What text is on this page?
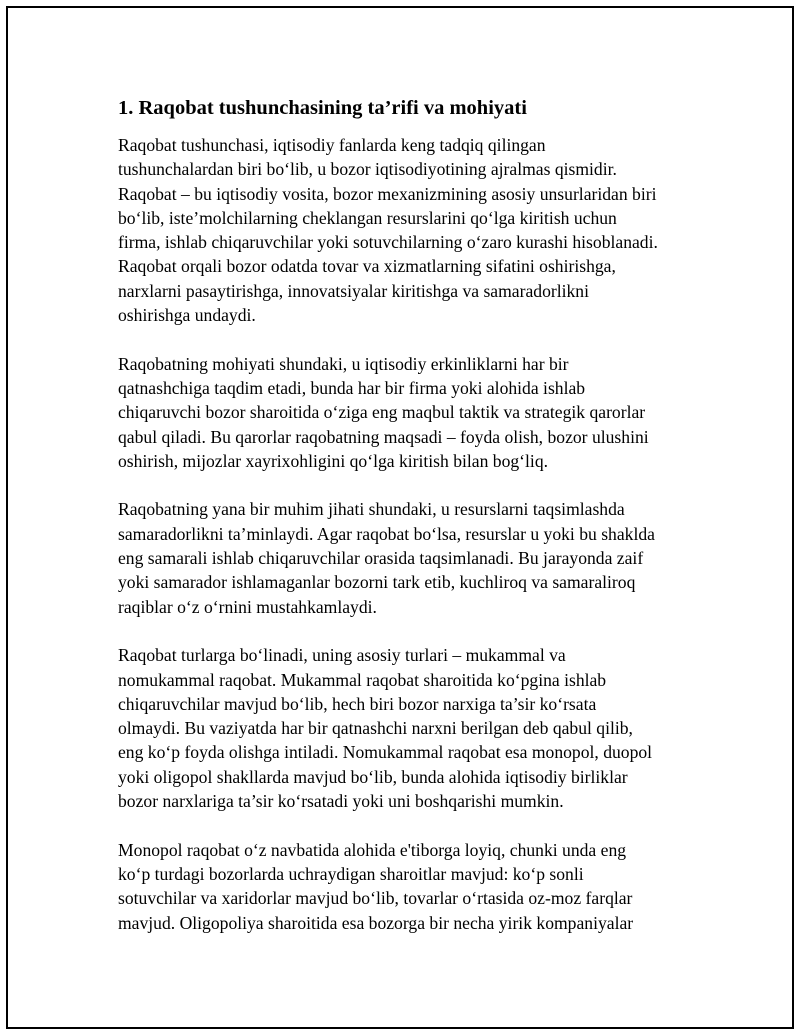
1. Raqobat tushunchasining ta’rifi va mohiyati

Raqobat tushunchasi, iqtisodiy fanlarda keng tadqiq qilingan
tushunchalardan biri bo‘lib, u bozor iqtisodiyotining ajralmas qismidir.
Raqobat – bu iqtisodiy vosita, bozor mexanizmining asosiy unsurlaridan biri
bo‘lib, iste’molchilarning cheklangan resurslarini qo‘lga kiritish uchun
firma, ishlab chiqaruvchilar yoki sotuvchilarning o‘zaro kurashi hisoblanadi.
Raqobat orqali bozor odatda tovar va xizmatlarning sifatini oshirishga,
narxlarni pasaytirishga, innovatsiyalar kiritishga va samaradorlikni
oshirishga undaydi.

Raqobatning mohiyati shundaki, u iqtisodiy erkinliklarni har bir
qatnashchiga taqdim etadi, bunda har bir firma yoki alohida ishlab
chiqaruvchi bozor sharoitida o‘ziga eng maqbul taktik va strategik qarorlar
qabul qiladi. Bu qarorlar raqobatning maqsadi – foyda olish, bozor ulushini
oshirish, mijozlar xayrixohligini qo‘lga kiritish bilan bog‘liq.

Raqobatning yana bir muhim jihati shundaki, u resurslarni taqsimlashda
samaradorlikni ta’minlaydi. Agar raqobat bo‘lsa, resurslar u yoki bu shaklda
eng samarali ishlab chiqaruvchilar orasida taqsimlanadi. Bu jarayonda zaif
yoki samarador ishlamaganlar bozorni tark etib, kuchliroq va samaraliroq
raqiblar o‘z o‘rnini mustahkamlaydi.

Raqobat turlarga bo‘linadi, uning asosiy turlari – mukammal va
nomukammal raqobat. Mukammal raqobat sharoitida ko‘pgina ishlab
chiqaruvchilar mavjud bo‘lib, hech biri bozor narxiga ta’sir ko‘rsata
olmaydi. Bu vaziyatda har bir qatnashchi narxni berilgan deb qabul qilib,
eng ko‘p foyda olishga intiladi. Nomukammal raqobat esa monopol, duopol
yoki oligopol shakllarda mavjud bo‘lib, bunda alohida iqtisodiy birliklar
bozor narxlariga ta’sir ko‘rsatadi yoki uni boshqarishi mumkin.

Monopol raqobat o‘z navbatida alohida e'tiborga loyiq, chunki unda eng
ko‘p turdagi bozorlarda uchraydigan sharoitlar mavjud: ko‘p sonli
sotuvchilar va xaridorlar mavjud bo‘lib, tovarlar o‘rtasida oz-moz farqlar
mavjud. Oligopoliya sharoitida esa bozorga bir necha yirik kompaniyalar
